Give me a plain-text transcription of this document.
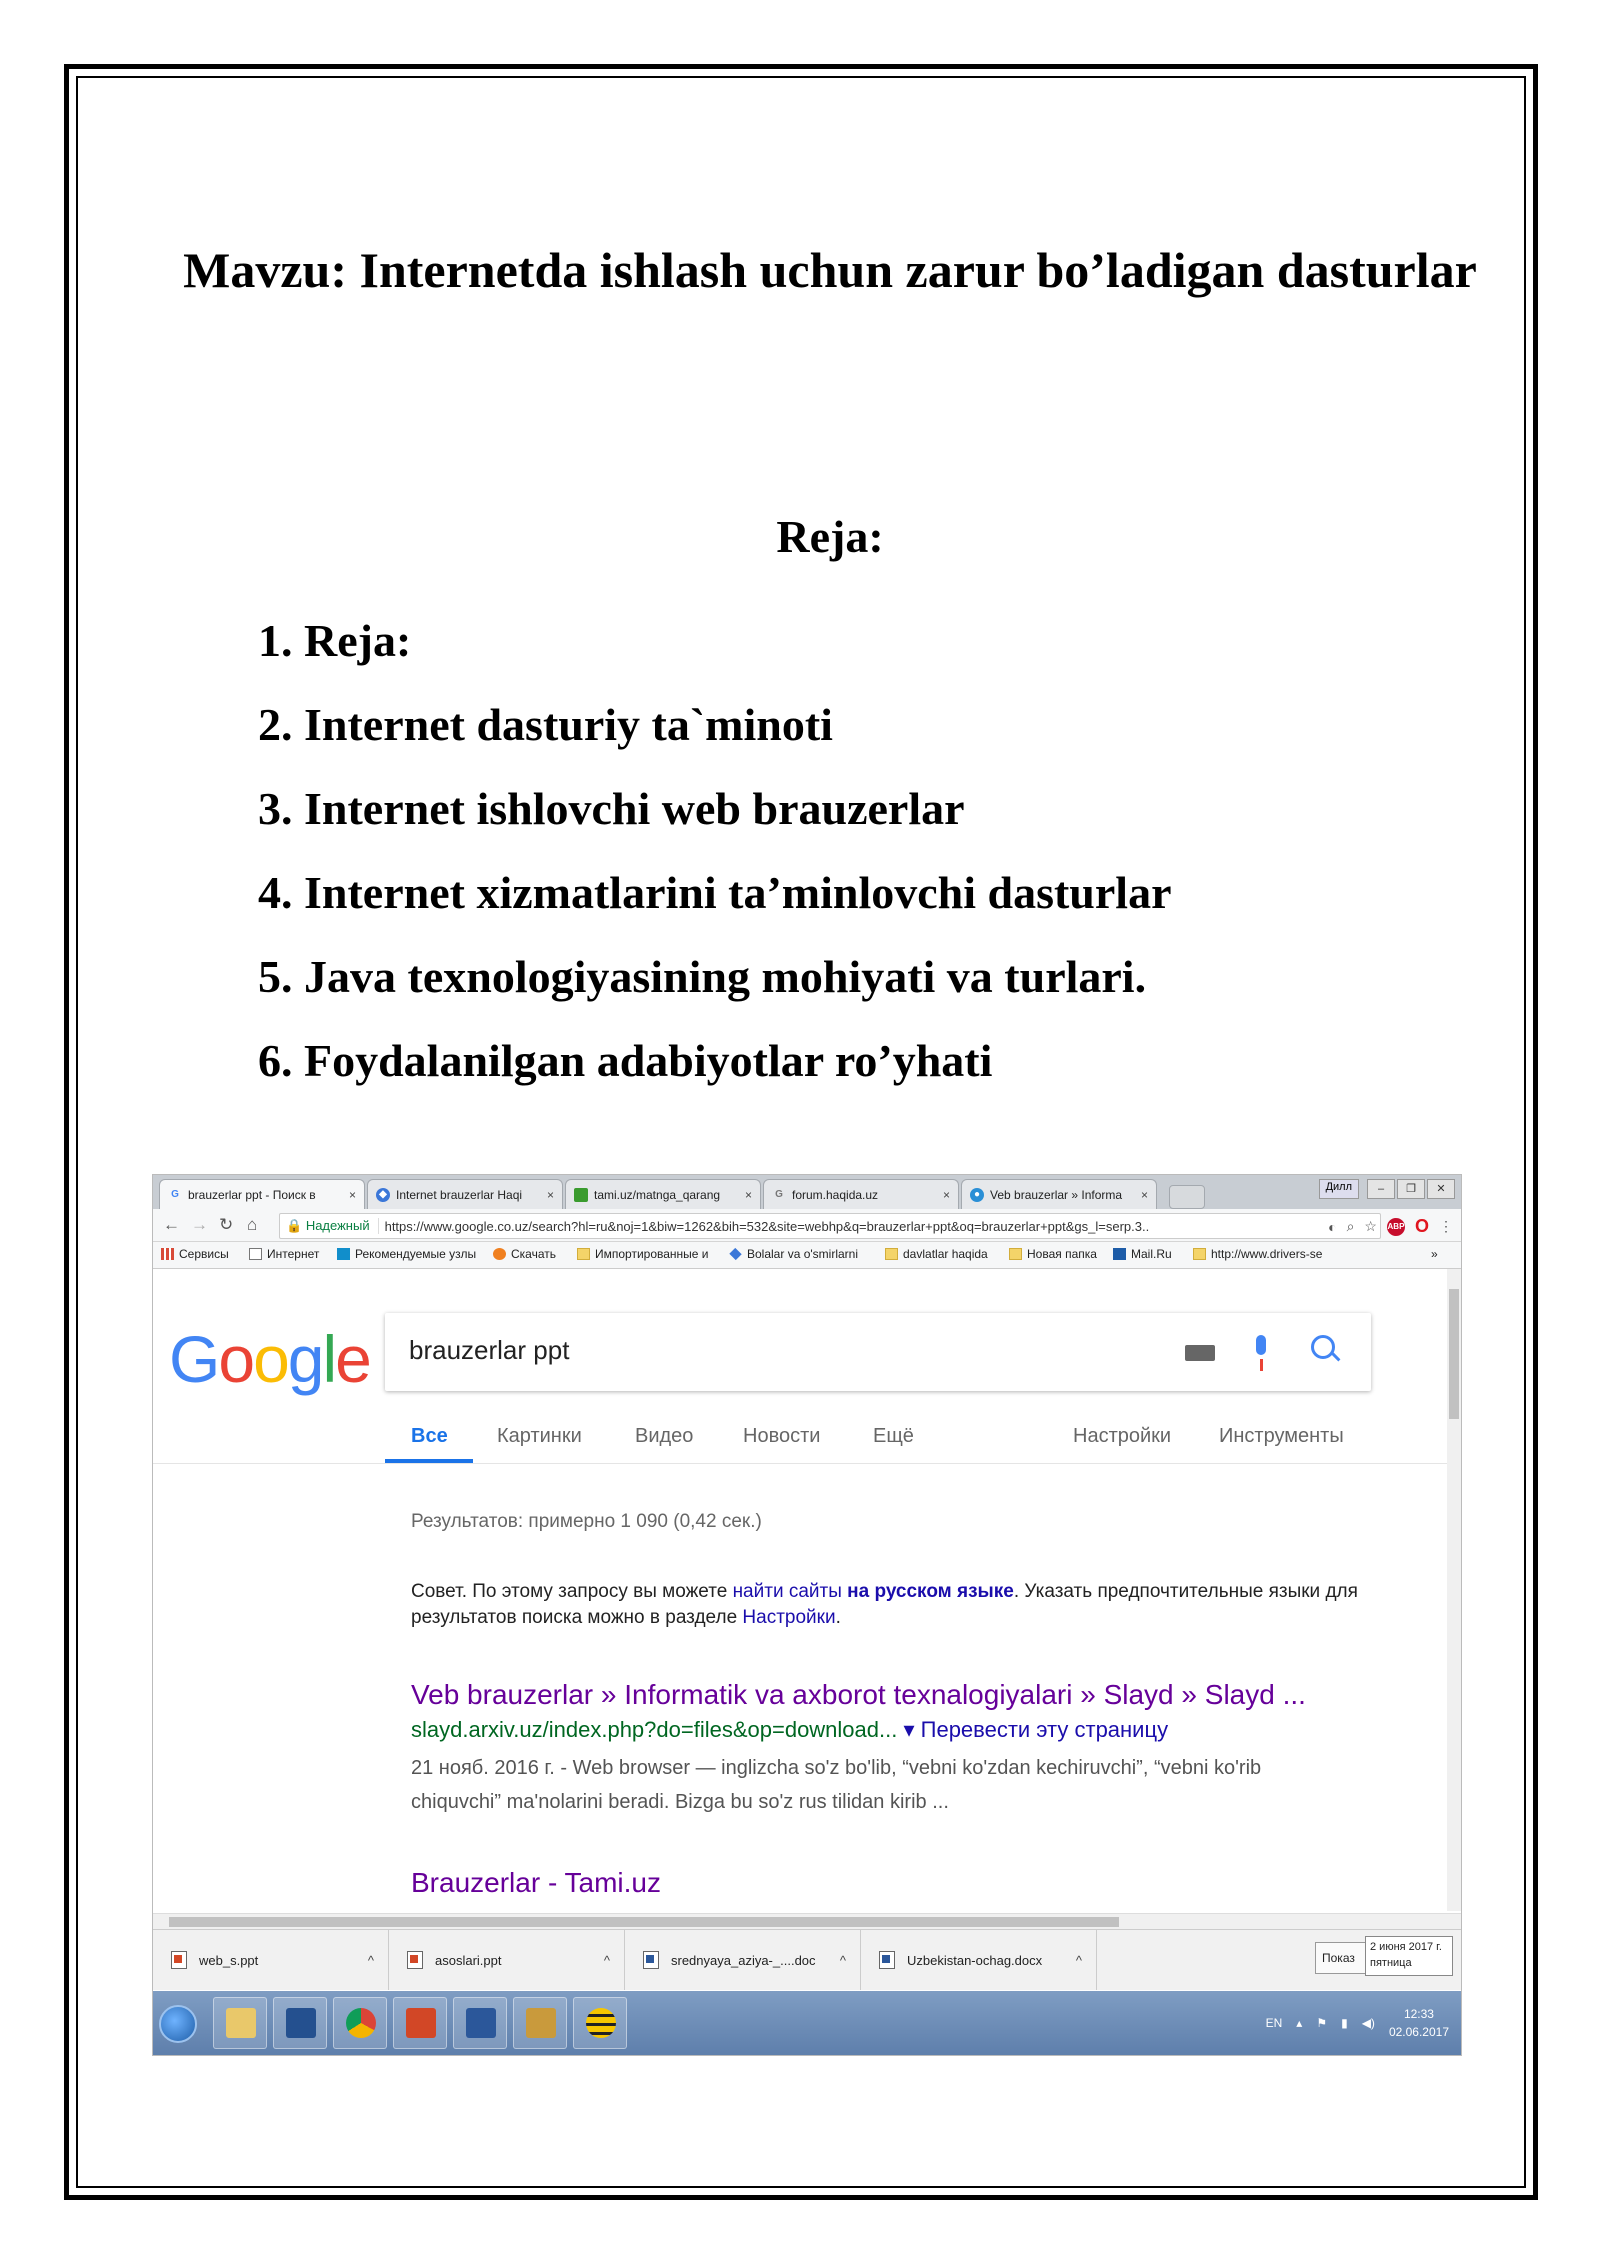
Mavzu: Internetda ishlash uchun zarur bo’ladigan dasturlar
Reja:
1. Reja:
2. Internet dasturiy ta`minoti
3. Internet ishlovchi web brauzerlar
4. Internet xizmatlarini ta’minlovchi dasturlar
5. Java texnologiyasining mohiyati va turlari.
6. Foydalanilgan adabiyotlar ro’yhati
G brauzerlar ppt - Поиск в	×	◆ Internet brauzerlar Haqi	×	tami.uz/matnga_qarang	×	G forum.haqida.uz	×	● Veb brauzerlar » Informa	×
Дилл	–	❐	✕
← → ↻ ⌂	🔒 Надежный	https://www.google.co.uz/search?hl=ru&noj=1&biw=1262&bih=532&site=webhp&q=brauzerlar+ppt&oq=brauzerlar+ppt&gs_l=serp.3..	◐ ⌕ ☆ ABP O ⋮
Сервисы	Интернет	Рекомендуемые узлы	Скачать	Импортированные и	Bolalar va o'smirlarni	davlatlar haqida	Новая папка	Mail.Ru	http://www.drivers-se	»
Google brauzerlar ppt
Все Картинки	Видео Новости	Ещё	Настройки Инструменты
Результатов: примерно 1 090 (0,42 сек.)
Совет. По этому запросу вы можете найти сайты на русском языке. Указать предпочтительные языки для результатов поиска можно в разделе Настройки.
Veb brauzerlar » Informatik va axborot texnalogiyalari » Slayd » Slayd ...
slayd.arxiv.uz/index.php?do=files&op=download... ▾ Перевести эту страницу
21 нояб. 2016 г. - Web browser — inglizcha so'z bo'lib, “vebni ko'zdan kechiruvchi”, “vebni ko'rib chiquvchi” ma'nolarini beradi. Bizga bu so'z rus tilidan kirib ...
Brauzerlar - Tami.uz
web_s.ppt	^	asoslari.ppt	^	srednyaya_aziya-_....doc	^	Uzbekistan-ochag.docx	^	Показ
2 июня 2017 г.
пятница
EN ▴ ⚑ ▮ ◀)
12:33
02.06.2017
